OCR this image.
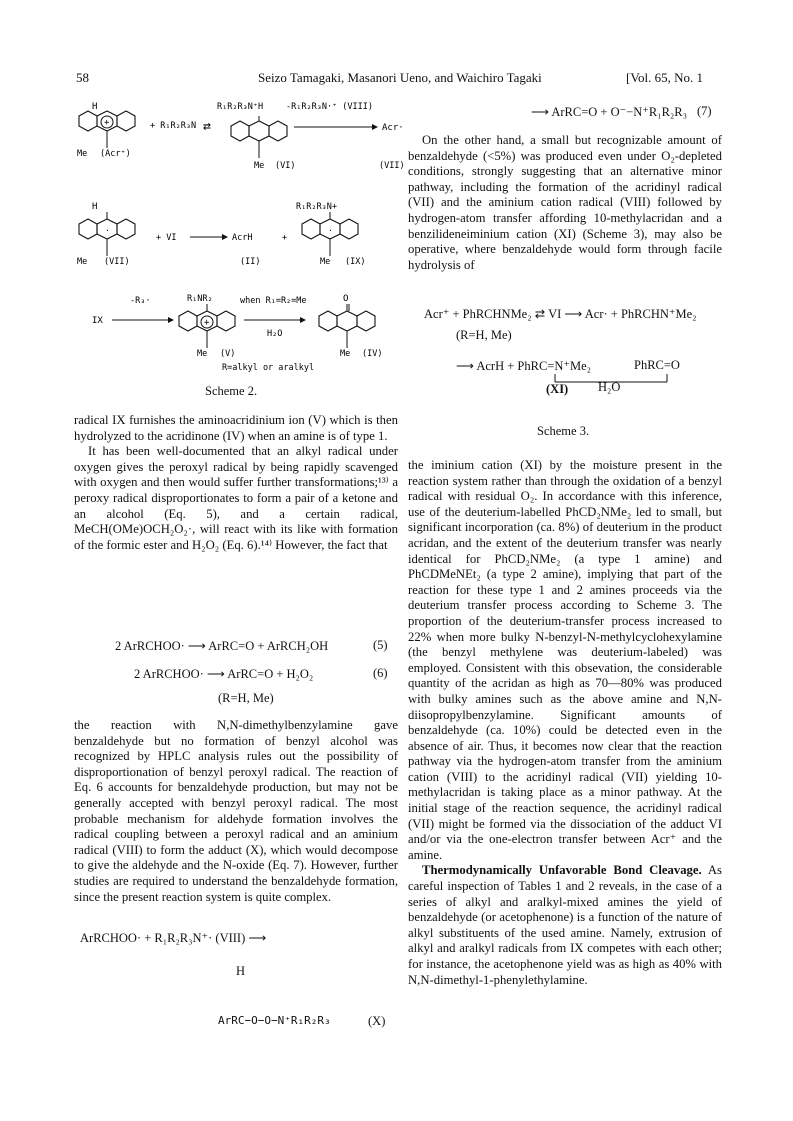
58	Seizo Tamagaki, Masanori Ueno, and Waichiro Tagaki	[Vol. 65, No. 1
+
H
Me (Acr⁺)
+ R₁R₂R₃N ⇄
R₁R₂R₃N⁺H
Me (VI)
-R₁R₂R₃N·⁺ (VIII)
Acr·
(VII)
·
H
Me (VII)
+ VI	AcrH	+
(II)
·
R₁R₂R₃N+
Me (IX)
IX
-R₃·
+
R₁NR₂
Me (V)
when R₁=R₂=Me
H₂O
O
Me (IV)
R=alkyl or aralkyl
Scheme 2.

radical IX furnishes the aminoacridinium ion (V) which is then hydrolyzed to the acridinone (IV) when an amine is of type 1.

It has been well-documented that an alkyl radical under oxygen gives the peroxyl radical by being rapidly scavenged with oxygen and then would suffer further transformations;¹³⁾ a peroxy radical disproportionates to form a pair of a ketone and an alcohol (Eq. 5), and a certain radical, MeCH(OMe)OCH₂O₂·, will react with its like with formation of the formic ester and H₂O₂ (Eq. 6).¹⁴⁾ However, the fact that

2 ArRCHOO· ⟶ ArRC=O + ArRCH₂OH	(5)
2 ArRCHOO· ⟶ ArRC=O + H₂O₂	(6)
(R=H, Me)

the reaction with N,N-dimethylbenzylamine gave benzaldehyde but no formation of benzyl alcohol was recognized by HPLC analysis rules out the possibility of disproportionation of benzyl peroxyl radical. The reaction of Eq. 6 accounts for benzaldehyde production, but may not be generally accepted with benzyl peroxyl radical. The most probable mechanism for aldehyde formation involves the radical coupling between a peroxyl radical and an aminium radical (VIII) to form the adduct (X), which would decompose to give the aldehyde and the N-oxide (Eq. 7). However, further studies are required to understand the benzaldehyde formation, since the present reaction system is quite complex.

ArRCHOO· + R₁R₂R₃N⁺· (VIII) ⟶
H
ArRC−O−O−N⁺R₁R₂R₃	(X)
⟶ ArRC=O + O⁻−N⁺R₁R₂R₃ (7)

On the other hand, a small but recognizable amount of benzaldehyde (<5%) was produced even under O₂-depleted conditions, strongly suggesting that an alternative minor pathway, including the formation of the acridinyl radical (VII) and the aminium cation radical (VIII) followed by hydrogen-atom transfer affording 10-methylacridan and a benzilideneiminium cation (XI) (Scheme 3), may also be operative, where benzaldehyde would form through facile hydrolysis of

Acr⁺ + PhRCHNMe₂ ⇄ VI ⟶ Acr· + PhRCHN⁺Me₂
(R=H, Me)
⟶ AcrH + PhRC=N⁺Me₂	PhRC=O
(XI) H₂O
Scheme 3.

the iminium cation (XI) by the moisture present in the reaction system rather than through the oxidation of a benzyl radical with residual O₂. In accordance with this inference, use of the deuterium-labelled PhCD₂NMe₂ led to small, but significant incorporation (ca. 8%) of deuterium in the product acridan, and the extent of the deuterium transfer was nearly identical for PhCD₂NMe₂ (a type 1 amine) and PhCDMeNEt₂ (a type 2 amine), implying that part of the reaction for these type 1 and 2 amines proceeds via the deuterium transfer process according to Scheme 3. The proportion of the deuterium-transfer process increased to 22% when more bulky N-benzyl-N-methylcyclohexylamine (the benzyl methylene was deuterium-labeled) was employed. Consistent with this obsevation, the considerable quantity of the acridan as high as 70—80% was produced with bulky amines such as the above amine and N,N-diisopropylbenzylamine. Significant amounts of benzaldehyde (ca. 10%) could be detected even in the absence of air. Thus, it becomes now clear that the reaction pathway via the hydrogen-atom transfer from the aminium cation (VIII) to the acridinyl radical (VII) yielding 10-methylacridan is taking place as a minor pathway. At the initial stage of the reaction sequence, the acridinyl radical (VII) might be formed via the dissociation of the adduct VI and/or via the one-electron transfer between Acr⁺ and the amine.

Thermodynamically Unfavorable Bond Cleavage. As careful inspection of Tables 1 and 2 reveals, in the case of a series of alkyl and aralkyl-mixed amines the yield of benzaldehyde (or acetophenone) is a function of the nature of alkyl substituents of the used amine. Namely, extrusion of alkyl and aralkyl radicals from IX competes with each other; for instance, the acetophenone yield was as high as 40% with N,N-dimethyl-1-phenylethylamine.
